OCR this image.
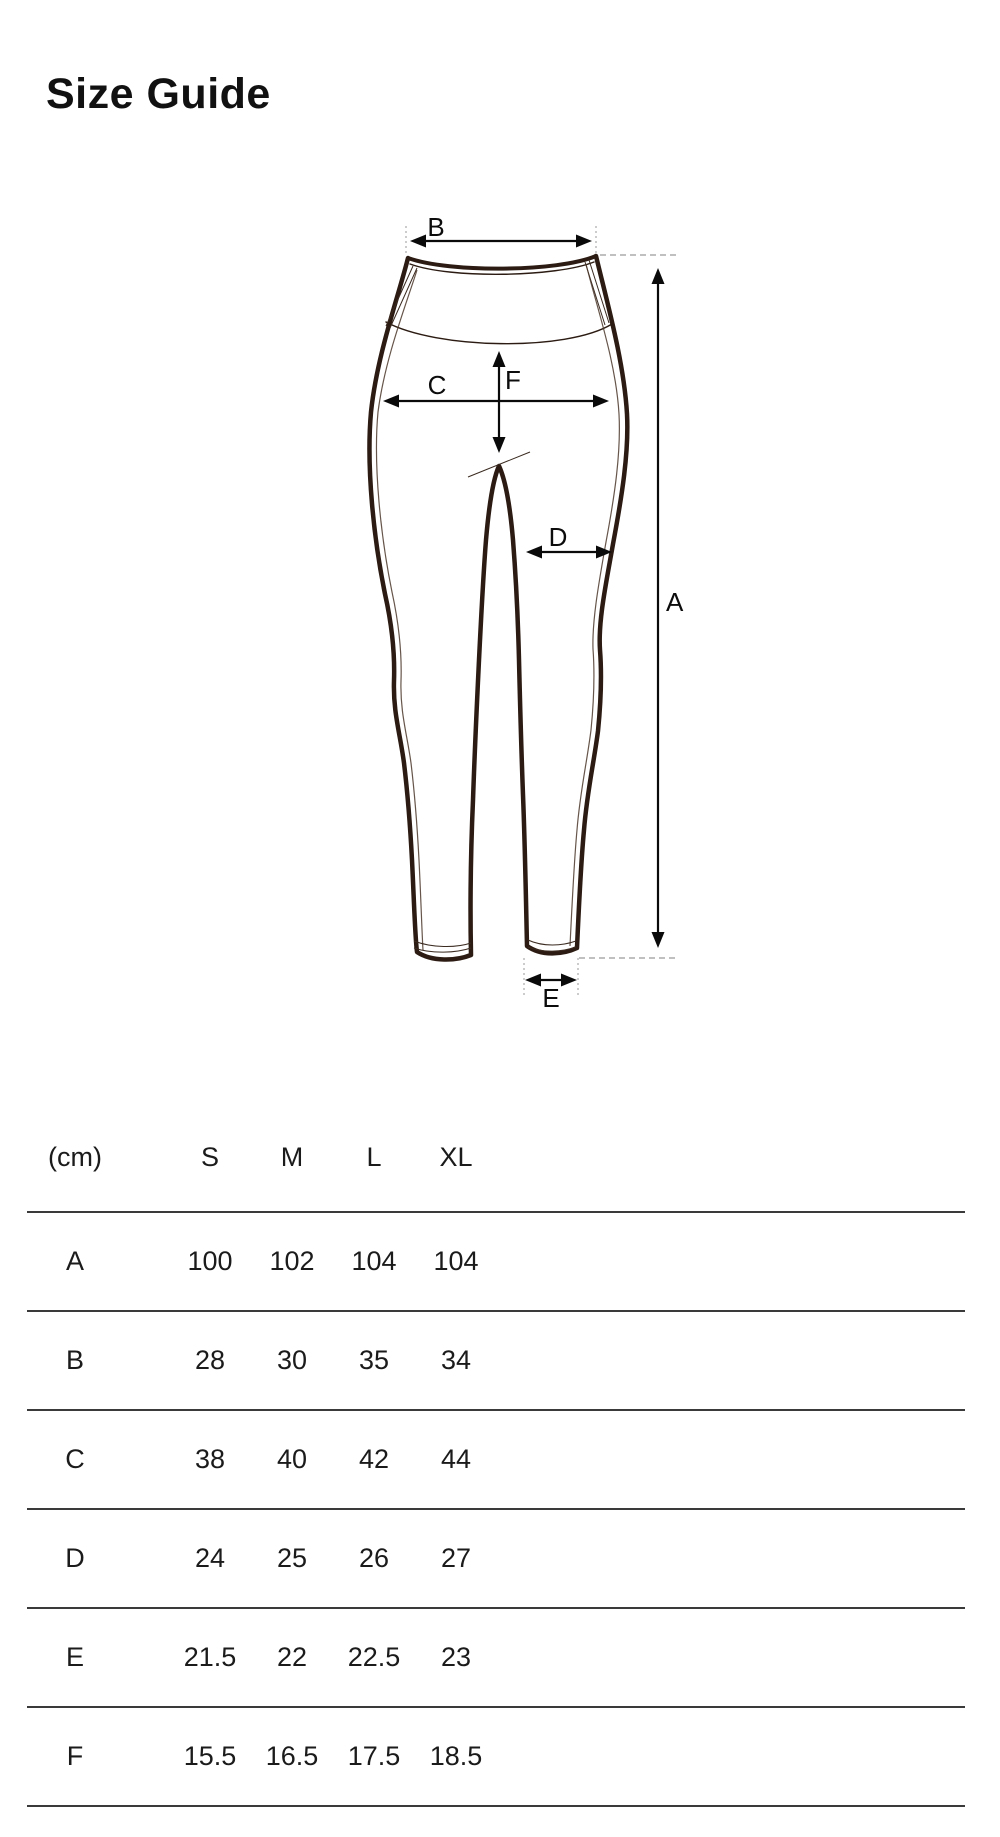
Size Guide
B
C F
D
A
E
(cm)		S	M	L	XL	
A		100	102	104	104	
B		28	30	35	34	
C		38	40	42	44	
D		24	25	26	27	
E		21.5	22	22.5	23	
F		15.5	16.5	17.5	18.5	
